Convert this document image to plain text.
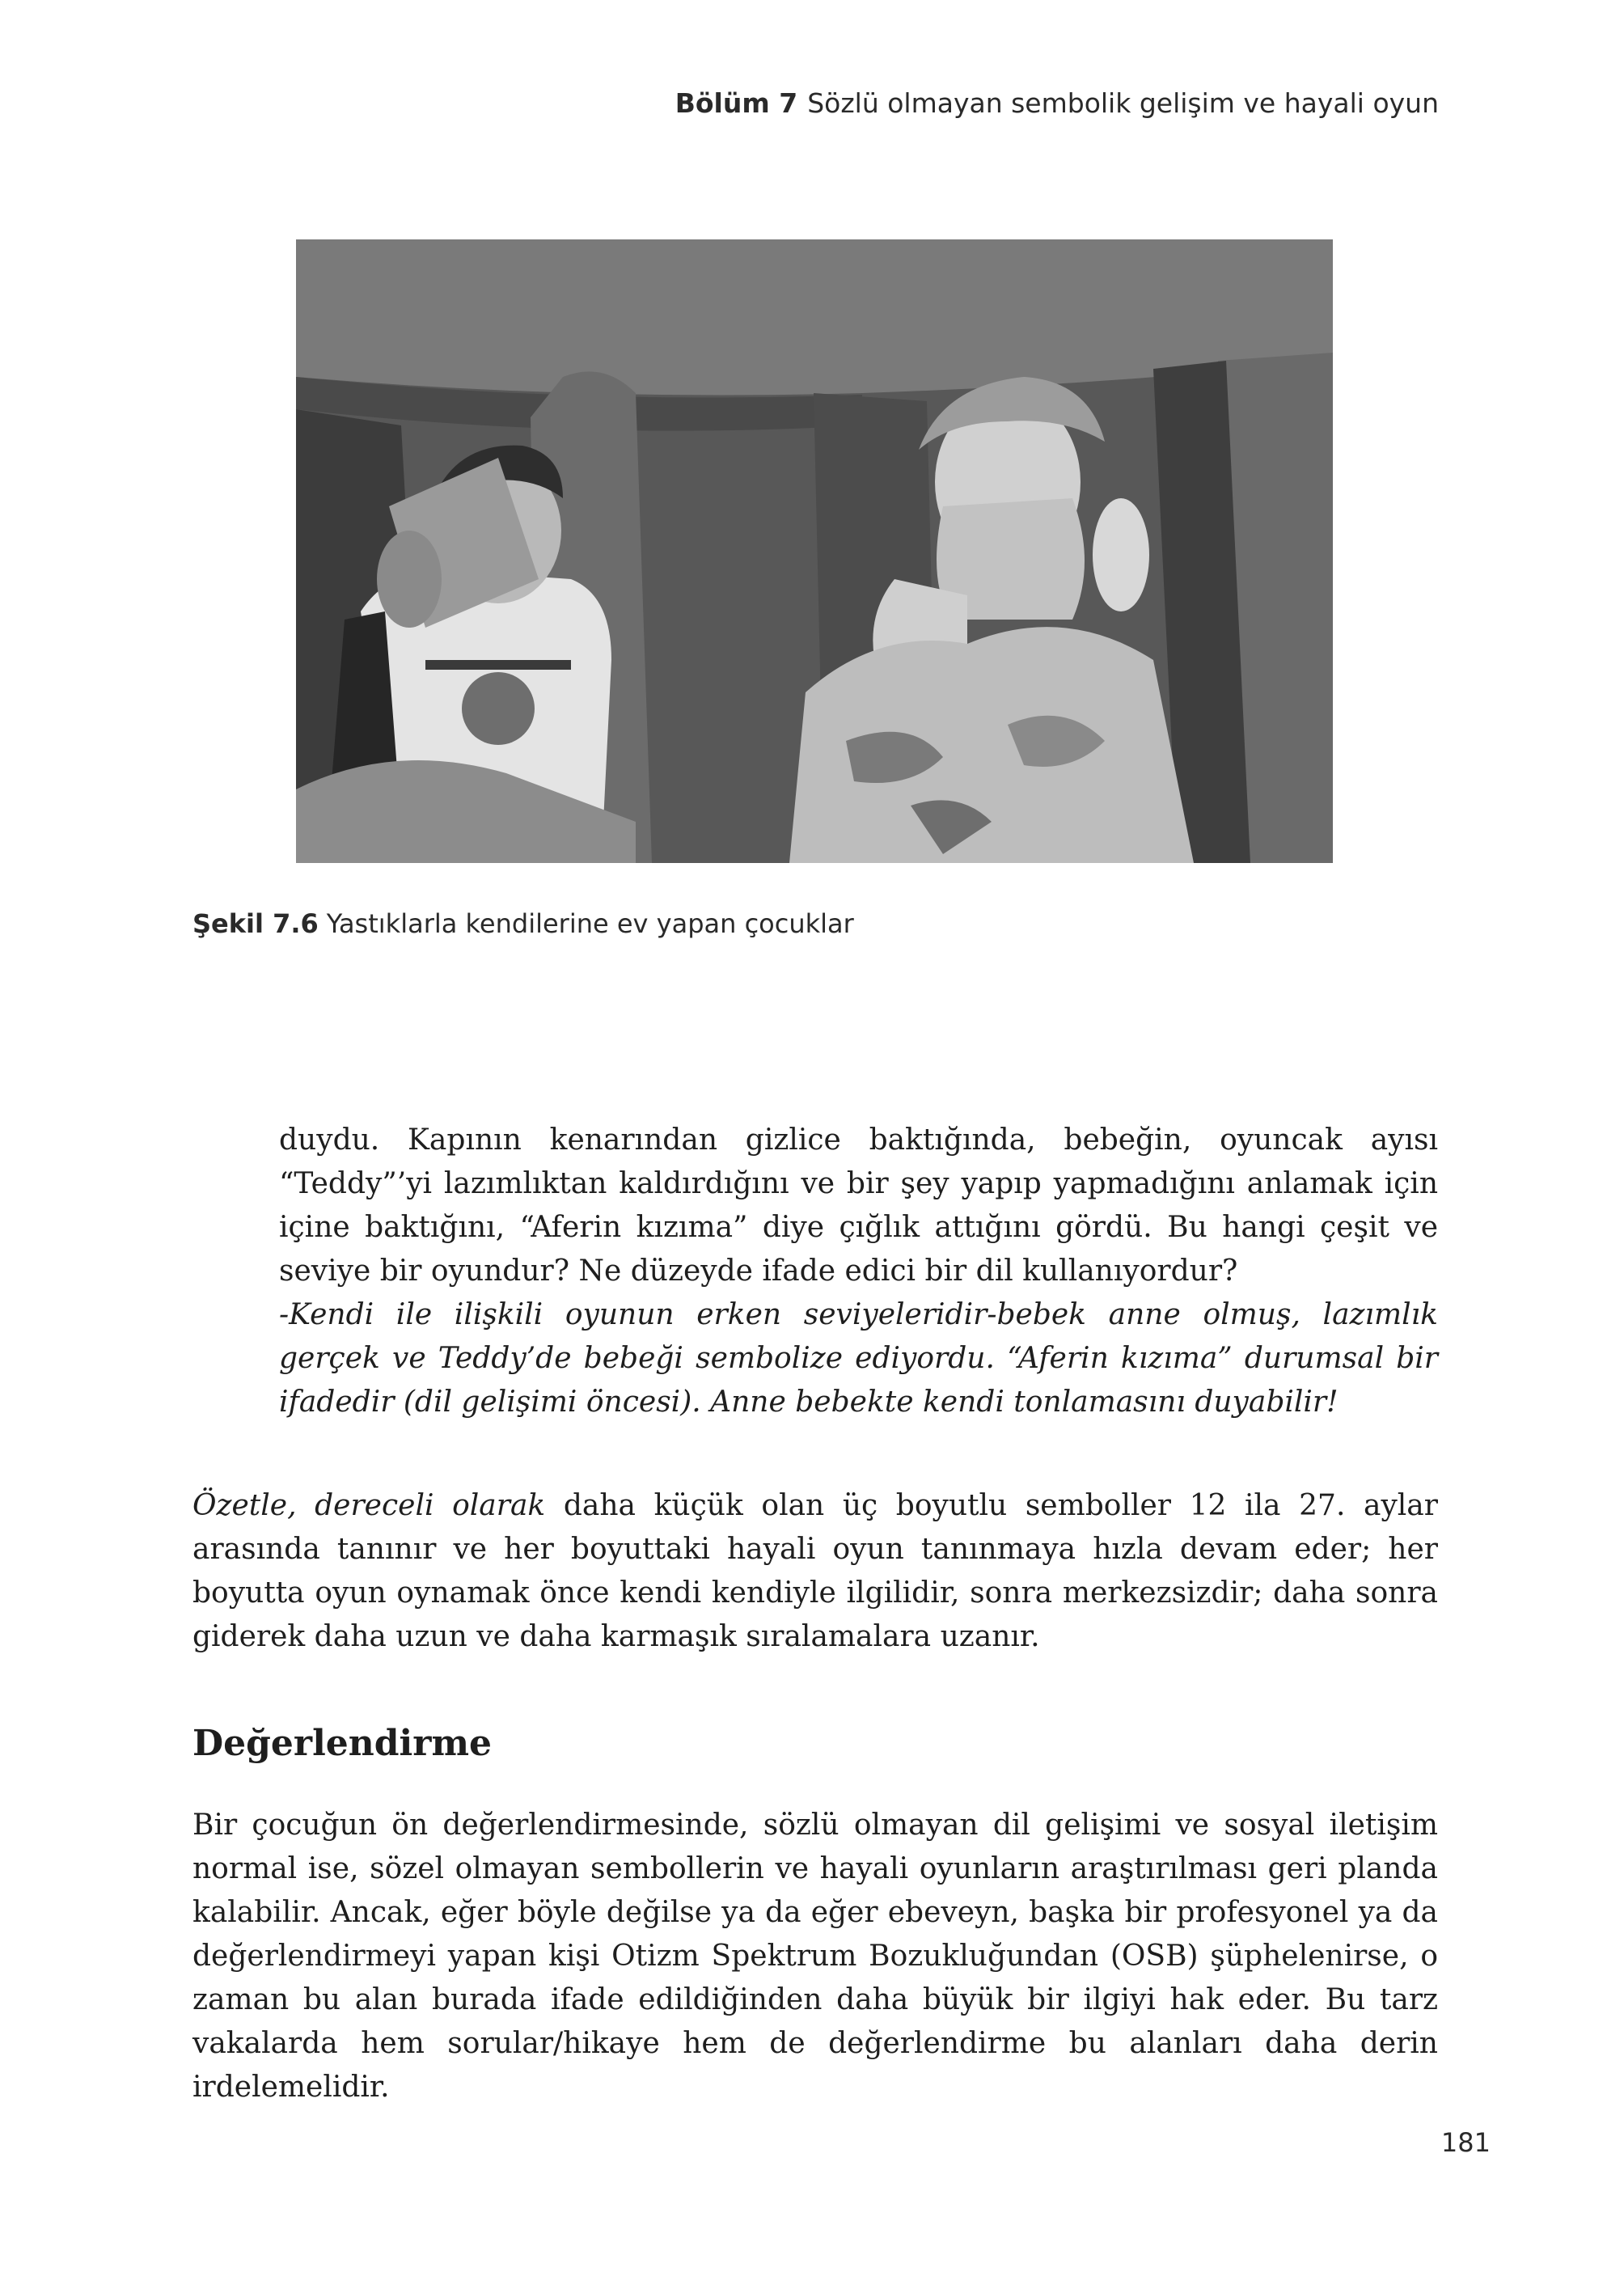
Bölüm 7 Sözlü olmayan sembolik gelişim ve hayali oyun
Şekil 7.6 Yastıklarla kendilerine ev yapan çocuklar

duydu. Kapının kenarından gizlice baktığında, bebeğin, oyuncak ayısı “Teddy”’yi lazımlıktan kaldırdığını ve bir şey yapıp yapmadığını anlamak için içine baktığını, “Aferin kızıma” diye çığlık attığını gördü. Bu hangi çeşit ve seviye bir oyundur? Ne düzeyde ifade edici bir dil kullanıyordur?

-Kendi ile ilişkili oyunun erken seviyeleridir-bebek anne olmuş, lazımlık gerçek ve Teddy’de bebeği sembolize ediyordu. “Aferin kızıma” durumsal bir ifadedir (dil gelişimi öncesi). Anne bebekte kendi tonlamasını duyabilir!

Özetle, dereceli olarak daha küçük olan üç boyutlu semboller 12 ila 27. aylar arasında tanınır ve her boyuttaki hayali oyun tanınmaya hızla devam eder; her boyutta oyun oynamak önce kendi kendiyle ilgilidir, sonra merkezsizdir; daha sonra giderek daha uzun ve daha karmaşık sıralamalara uzanır.

Değerlendirme

Bir çocuğun ön değerlendirmesinde, sözlü olmayan dil gelişimi ve sosyal iletişim normal ise, sözel olmayan sembollerin ve hayali oyunların araştırılması geri planda kalabilir. Ancak, eğer böyle değilse ya da eğer ebeveyn, başka bir profesyonel ya da değerlendirmeyi yapan kişi Otizm Spektrum Bozukluğundan (OSB) şüphelenirse, o zaman bu alan burada ifade edildiğinden daha büyük bir ilgiyi hak eder. Bu tarz vakalarda hem sorular/hikaye hem de değerlendirme bu alanları daha derin irdelemelidir.

181
